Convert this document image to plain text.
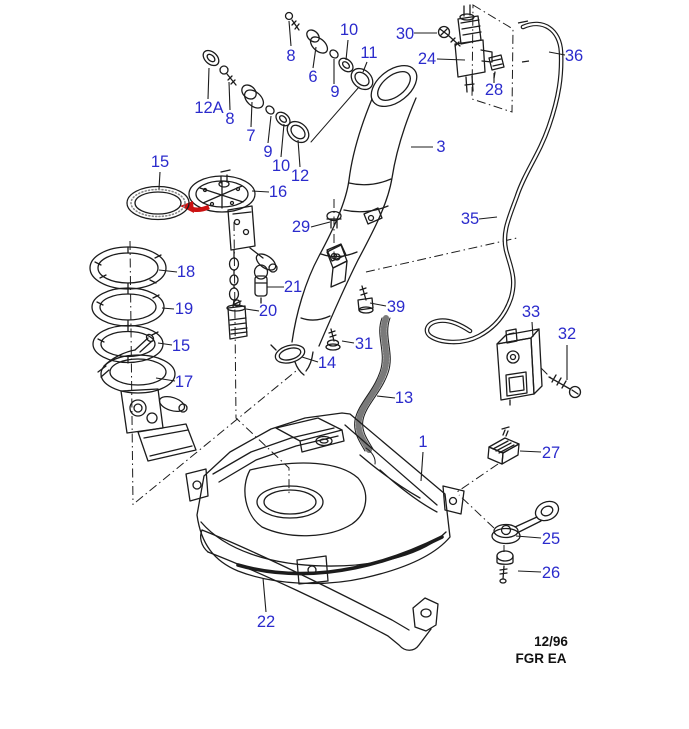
8
6
9
10
11
12A
8
7
9
10
12
3
30
24
28
36
35
15
16
29
18
21
19	20	39
15	31
17
14
13
33
32
1
27
25
26
22
12/96
FGR EA
